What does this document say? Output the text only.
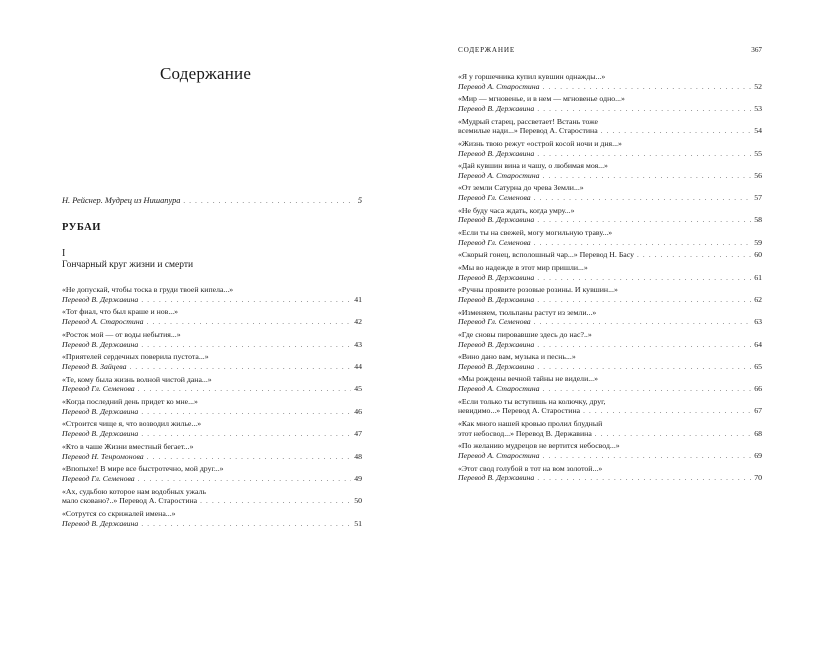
Содержание
Н. Рейснер. Мудрец из Нишапура . . .	5
РУБАИ
I
Гончарный круг жизни и смерти
«Не допускай, чтобы тоска в груди твоей кипела...»
Перевод В. Державина . . .	41
«Тот фиал, что был краше и нов...»
Перевод А. Старостина . . .	42
«Росток мой — от воды небытия...»
Перевод В. Державина . . .	43
«Приятелей сердечных поверила пустота...»
Перевод В. Зайцева . . .	44
«Те, кому была жизнь волной чистой дана...»
Перевод Гл. Семенова . . .	45
«Когда последний день придет ко мне...»
Перевод В. Державина . . .	46
«Строится чище я, что возводил жилье...»
Перевод В. Державина . . .	47
«Кто в чаше Жизни вместный бегает...»
Перевод Н. Тенромонова . . .	48
«Впопыхе! В мире все быстротечно, мой друг...»
Перевод Гл. Семенова . . .	49
«Ах, судьбою которое нам водобных ужаль
мало сковано?..» Перевод А. Старостина . . .	50
«Сотрутся со скрижалей имена...»
Перевод В. Державина . . .	51
СОДЕРЖАНИЕ	367
«Я у горшечника купил кувшин однажды...»
Перевод А. Старостина . . .	52
«Мир — мгновенье, и в нем — мгновенье одно...»
Перевод В. Державина . . .	53
«Мудрый старец, рассветает! Встань тоже
всемилые нади...» Перевод А. Старостина . . .	54
«Жизнь твою режут «острой косой ночи и дня...»
Перевод В. Державина . . .	55
«Дай кувшин вина и чашу, о любимая моя...»
Перевод А. Старостина . . .	56
«От земли Сатурна до чрева Земли...»
Перевод Гл. Семенова . . .	57
«Не буду часа ждать, когда умру...»
Перевод В. Державина . . .	58
«Если ты на свежей, могу могильную траву...»
Перевод Гл. Семенова . . .	59
«Скорый гонец, всполошный чар...» Перевод Н. Басу . . .	60
«Мы во надежде в этот мир пришли...»
Перевод В. Державина . . .	61
«Ручны проявите розовые розины. И кувшин...»
Перевод В. Державина . . .	62
«Изменяем, тюльпаны растут из земли...»
Перевод Гл. Семенова . . .	63
«Где сновы пировавшие здесь до нас?..»
Перевод В. Державина . . .	64
«Вино дано вам, музыка и песнь...»
Перевод В. Державина . . .	65
«Мы рождены вечной тайны не видели...»
Перевод А. Старостина . . .	66
«Если только ты вступишь на колючку, друг,
невидимо...» Перевод А. Старостина . . .	67
«Как много нашей кровью пролил блудный
этот небосвод...» Перевод В. Державина . . .	68
«По желанию мудрецов не вертится небосвод...»
Перевод А. Старостина . . .	69
«Этот свод голубой в тот на вом золотой...»
Перевод В. Державина . . .	70
